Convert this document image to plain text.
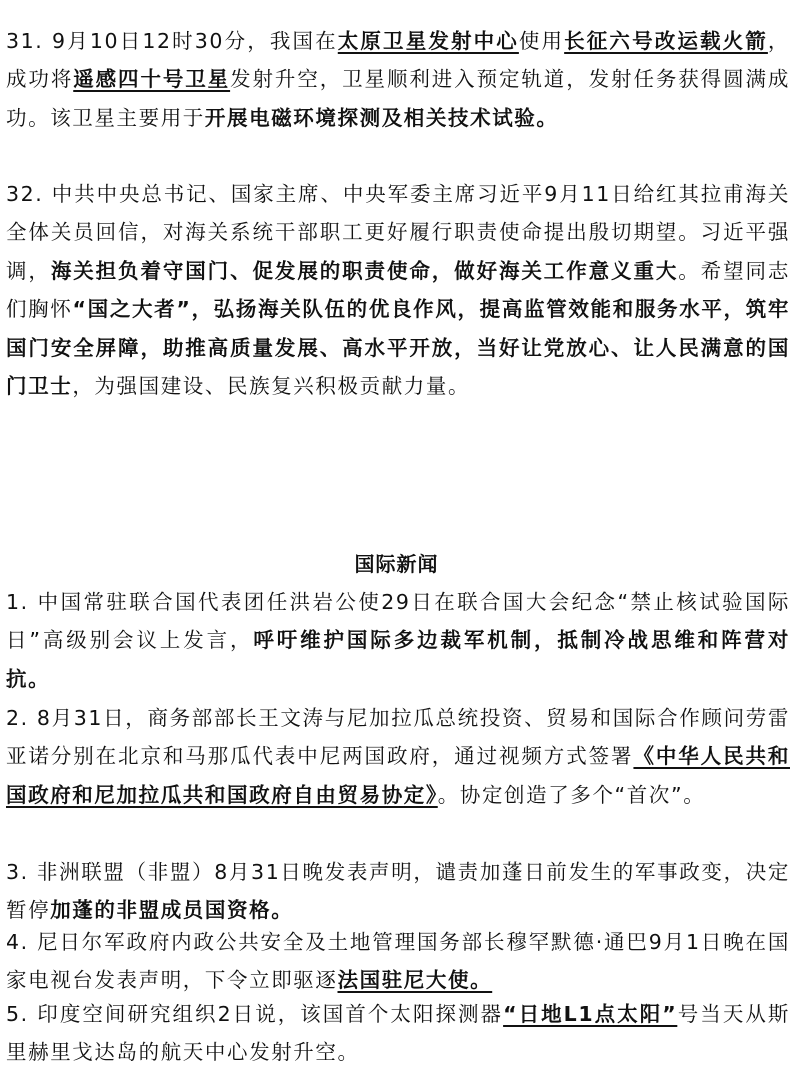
31. 9月10日12时30分，我国在太原卫星发射中心使用长征六号改运载火箭，成功将遥感四十号卫星发射升空，卫星顺利进入预定轨道，发射任务获得圆满成功。该卫星主要用于开展电磁环境探测及相关技术试验。

32. 中共中央总书记、国家主席、中央军委主席习近平9月11日给红其拉甫海关全体关员回信，对海关系统干部职工更好履行职责使命提出殷切期望。习近平强调，海关担负着守国门、促发展的职责使命，做好海关工作意义重大。希望同志们胸怀“国之大者”，弘扬海关队伍的优良作风，提高监管效能和服务水平，筑牢国门安全屏障，助推高质量发展、高水平开放，当好让党放心、让人民满意的国门卫士，为强国建设、民族复兴积极贡献力量。

国际新闻

1. 中国常驻联合国代表团任洪岩公使29日在联合国大会纪念“禁止核试验国际日”高级别会议上发言，呼吁维护国际多边裁军机制，抵制冷战思维和阵营对抗。

2. 8月31日，商务部部长王文涛与尼加拉瓜总统投资、贸易和国际合作顾问劳雷亚诺分别在北京和马那瓜代表中尼两国政府，通过视频方式签署《中华人民共和国政府和尼加拉瓜共和国政府自由贸易协定》。协定创造了多个“首次”。

3. 非洲联盟（非盟）8月31日晚发表声明，谴责加蓬日前发生的军事政变，决定暂停加蓬的非盟成员国资格。

4. 尼日尔军政府内政公共安全及土地管理国务部长穆罕默德·通巴9月1日晚在国家电视台发表声明，下令立即驱逐法国驻尼大使。

5. 印度空间研究组织2日说，该国首个太阳探测器“日地L1点太阳”号当天从斯里赫里戈达岛的航天中心发射升空。
